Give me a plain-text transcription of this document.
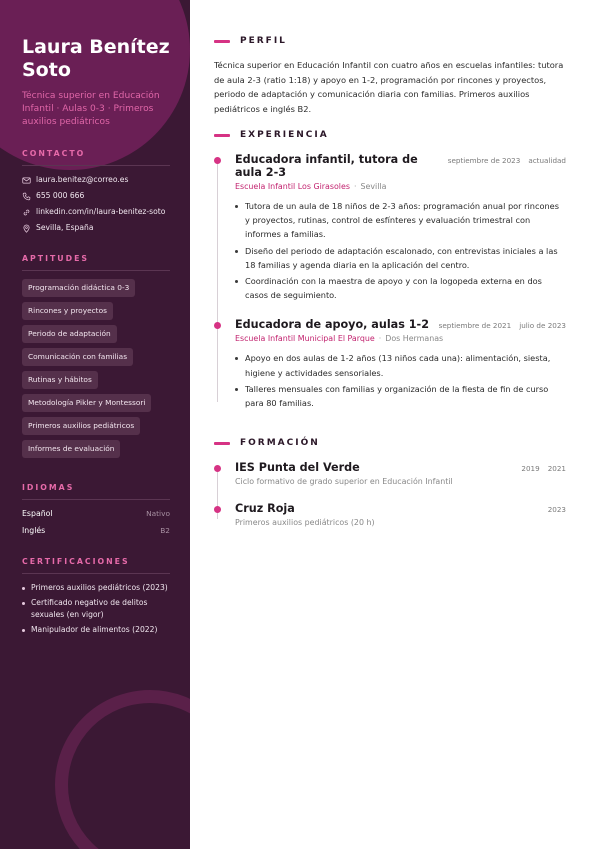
Laura Benítez Soto

Técnica superior en Educación Infantil · Aulas 0-3 · Primeros auxilios pediátricos

CONTACTO
laura.benitez@correo.es
655 000 666
linkedin.com/in/laura-benitez-soto
Sevilla, España
APTITUDES
Programación didáctica 0-3
Rincones y proyectos
Periodo de adaptación
Comunicación con familias
Rutinas y hábitos
Metodología Pikler y Montessori
Primeros auxilios pediátricos
Informes de evaluación
IDIOMAS
Español	Nativo
Inglés	B2
CERTIFICACIONES
Primeros auxilios pediátricos (2023)
Certificado negativo de delitos sexuales (en vigor)
Manipulador de alimentos (2022)
PERFIL

Técnica superior en Educación Infantil con cuatro años en escuelas infantiles: tutora de aula 2-3 (ratio 1:18) y apoyo en 1-2, programación por rincones y proyectos, periodo de adaptación y comunicación diaria con familias. Primeros auxilios pediátricos e inglés B2.

EXPERIENCIA
Educadora infantil, tutora de aula 2-3
septiembre de 2023 actualidad
Escuela Infantil Los Girasoles · Sevilla
Tutora de un aula de 18 niños de 2-3 años: programación anual por rincones y proyectos, rutinas, control de esfínteres y evaluación trimestral con informes a familias.
Diseño del periodo de adaptación escalonado, con entrevistas iniciales a las 18 familias y agenda diaria en la aplicación del centro.
Coordinación con la maestra de apoyo y con la logopeda externa en dos casos de seguimiento.
Educadora de apoyo, aulas 1-2 septiembre de 2021 julio de 2023
Escuela Infantil Municipal El Parque · Dos Hermanas
Apoyo en dos aulas de 1-2 años (13 niños cada una): alimentación, siesta, higiene y actividades sensoriales.
Talleres mensuales con familias y organización de la fiesta de fin de curso para 80 familias.
FORMACIÓN
IES Punta del Verde	2019 2021
Ciclo formativo de grado superior en Educación Infantil
Cruz Roja	2023
Primeros auxilios pediátricos (20 h)
